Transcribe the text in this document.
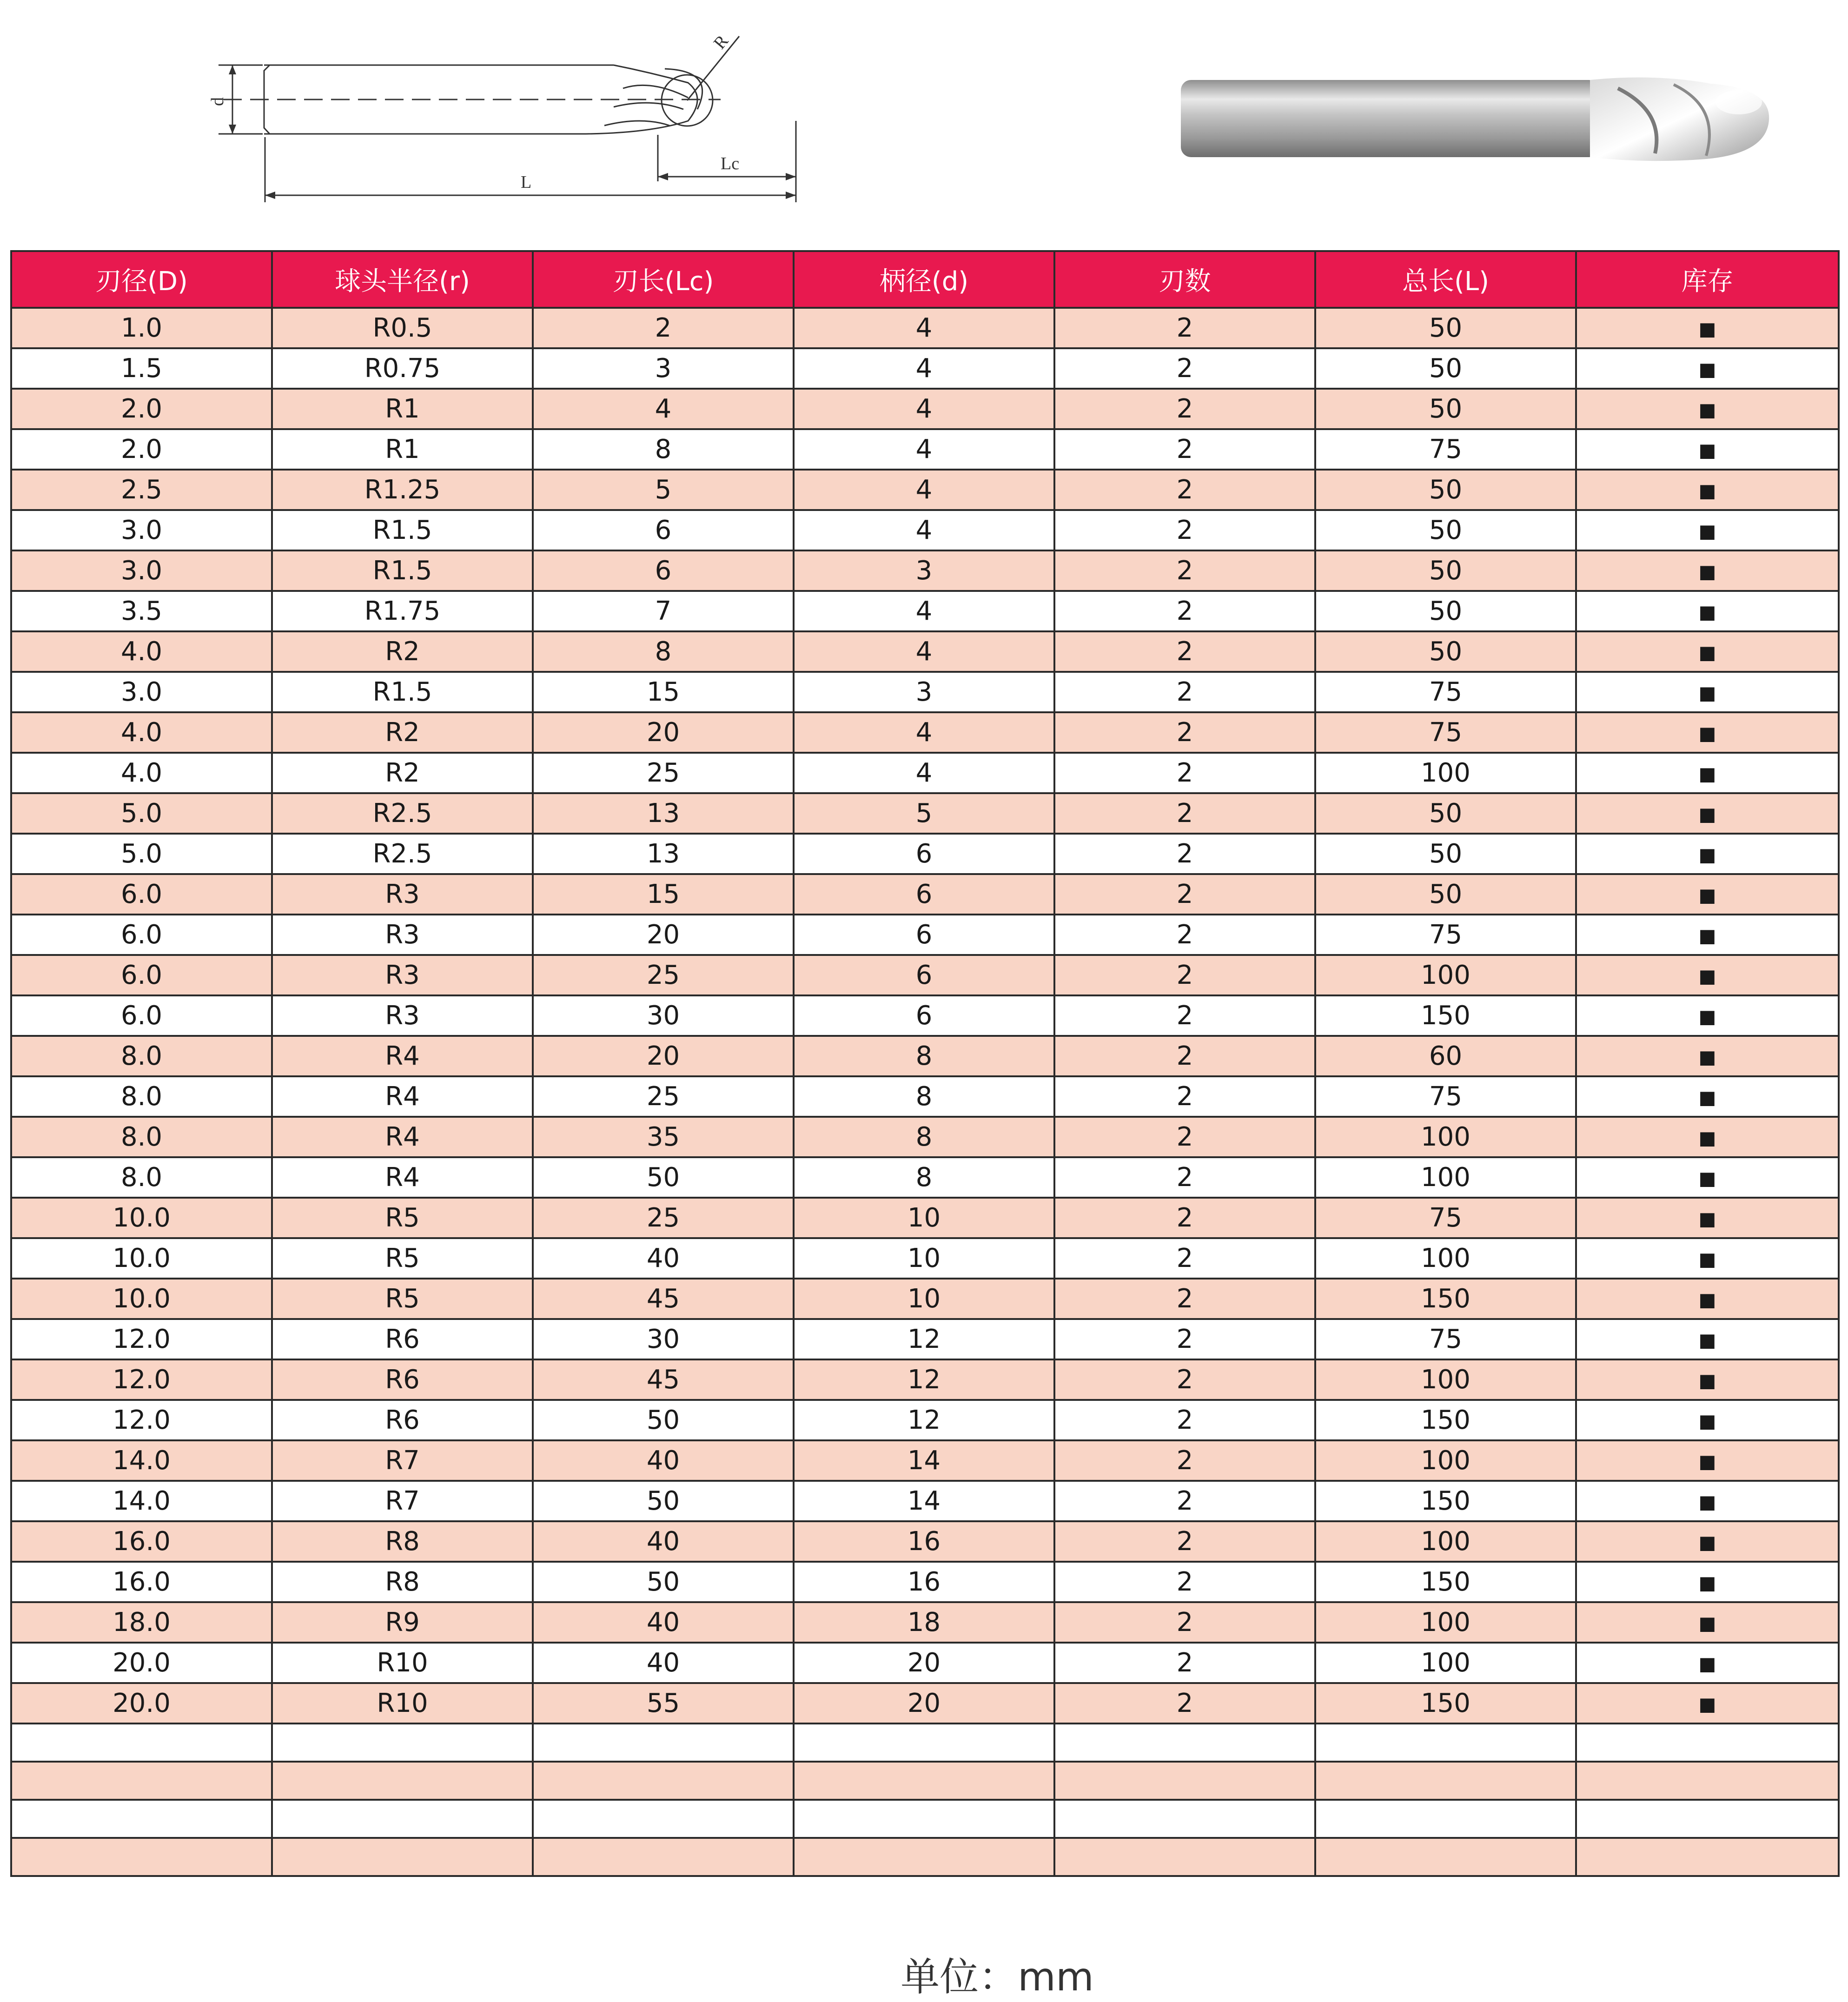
R
d
Lc
L
刃径(D)	球头半径(r)	刃长(Lc)	柄径(d)	刃数	总长(L)	库存
1.0	R0.5	2	4	2	50	■
1.5	R0.75	3	4	2	50	■
2.0	R1	4	4	2	50	■
2.0	R1	8	4	2	75	■
2.5	R1.25	5	4	2	50	■
3.0	R1.5	6	4	2	50	■
3.0	R1.5	6	3	2	50	■
3.5	R1.75	7	4	2	50	■
4.0	R2	8	4	2	50	■
3.0	R1.5	15	3	2	75	■
4.0	R2	20	4	2	75	■
4.0	R2	25	4	2	100	■
5.0	R2.5	13	5	2	50	■
5.0	R2.5	13	6	2	50	■
6.0	R3	15	6	2	50	■
6.0	R3	20	6	2	75	■
6.0	R3	25	6	2	100	■
6.0	R3	30	6	2	150	■
8.0	R4	20	8	2	60	■
8.0	R4	25	8	2	75	■
8.0	R4	35	8	2	100	■
8.0	R4	50	8	2	100	■
10.0	R5	25	10	2	75	■
10.0	R5	40	10	2	100	■
10.0	R5	45	10	2	150	■
12.0	R6	30	12	2	75	■
12.0	R6	45	12	2	100	■
12.0	R6	50	12	2	150	■
14.0	R7	40	14	2	100	■
14.0	R7	50	14	2	150	■
16.0	R8	40	16	2	100	■
16.0	R8	50	16	2	150	■
18.0	R9	40	18	2	100	■
20.0	R10	40	20	2	100	■
20.0	R10	55	20	2	150	■

单位：mm
